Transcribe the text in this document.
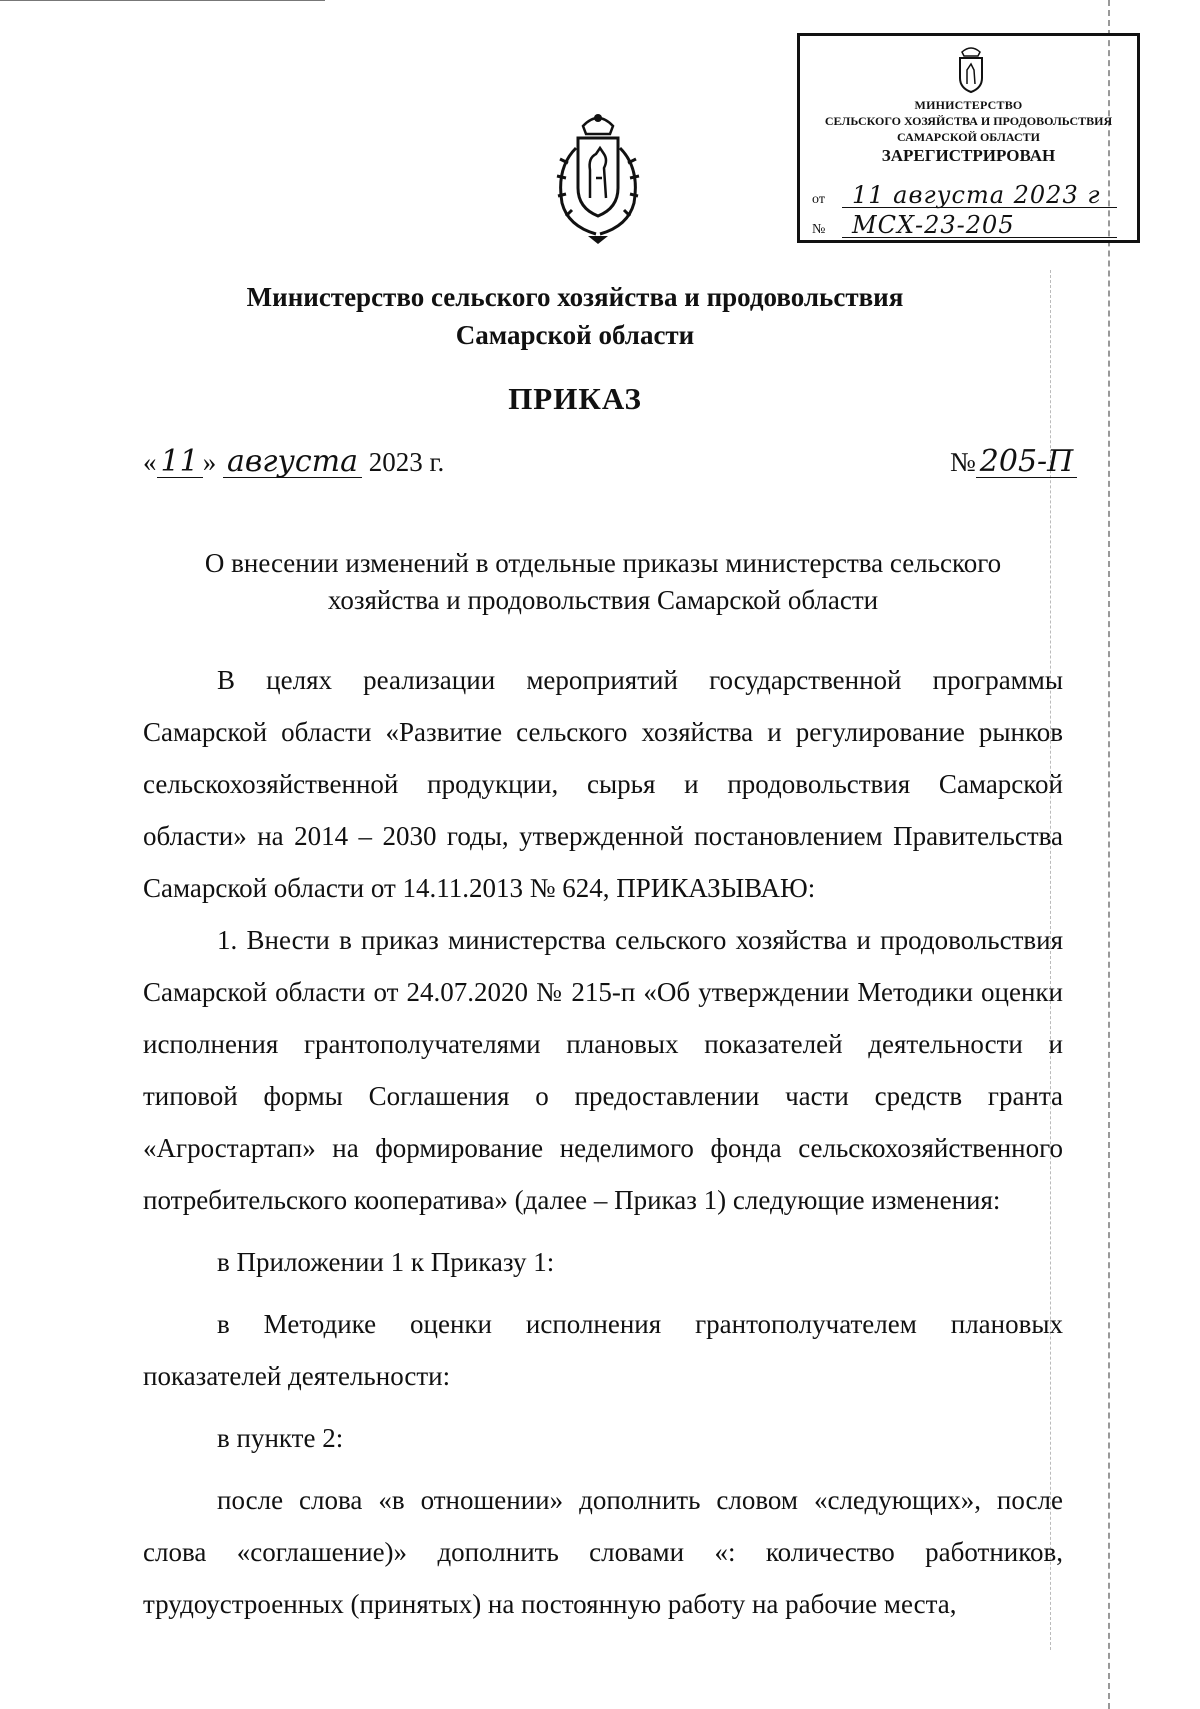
МИНИСТЕРСТВО
СЕЛЬСКОГО ХОЗЯЙСТВА И ПРОДОВОЛЬСТВИЯ
САМАРСКОЙ ОБЛАСТИ
ЗАРЕГИСТРИРОВАН
от	11 августа 2023 г
№	МСХ-23-205
Министерство сельского хозяйства и продовольствия
Самарской области
ПРИКАЗ
« 11 » августа 2023 г.	№ 205-П
О внесении изменений в отдельные приказы министерства сельского
хозяйства и продовольствия Самарской области

В целях реализации мероприятий государственной программы Самарской области «Развитие сельского хозяйства и регулирование рынков сельскохозяйственной продукции, сырья и продовольствия Самарской области» на 2014 – 2030 годы, утвержденной постановлением Правительства Самарской области от 14.11.2013 № 624, ПРИКАЗЫВАЮ:

1. Внести в приказ министерства сельского хозяйства и продовольствия Самарской области от 24.07.2020 № 215-п «Об утверждении Методики оценки исполнения грантополучателями плановых показателей деятельности и типовой формы Соглашения о предоставлении части средств гранта «Агростартап» на формирование неделимого фонда сельскохозяйственного потребительского кооператива» (далее – Приказ 1) следующие изменения:

в Приложении 1 к Приказу 1:

в Методике оценки исполнения грантополучателем плановых показателей деятельности:

в пункте 2:

после слова «в отношении» дополнить словом «следующих», после слова «соглашение)» дополнить словами «: количество работников, трудоустроенных (принятых) на постоянную работу на рабочие места,
